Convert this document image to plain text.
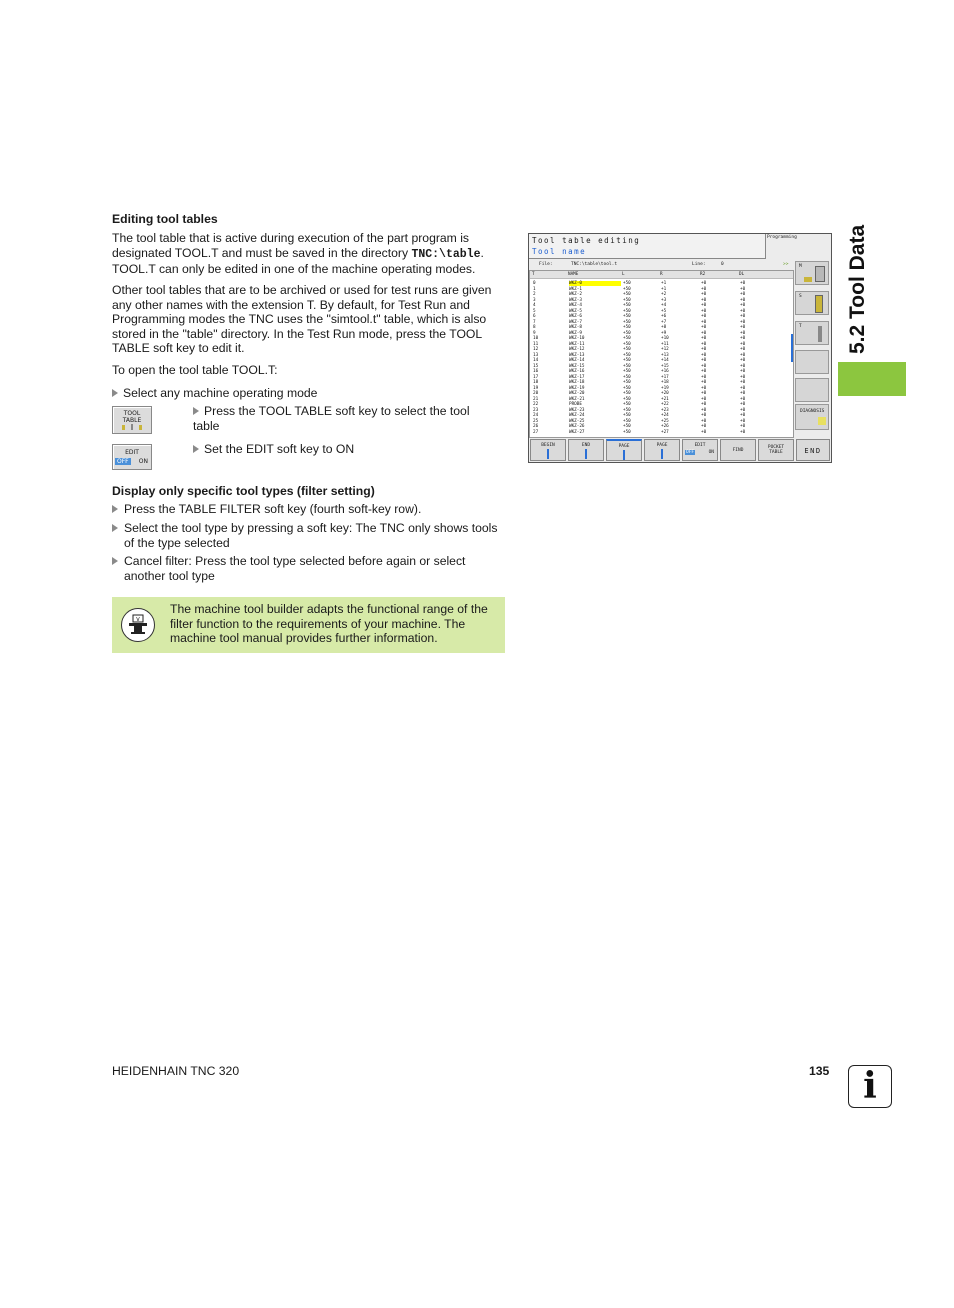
5.2 Tool Data
Editing tool tables

The tool table that is active during execution of the part program is designated TOOL.T and must be saved in the directory TNC:\table. TOOL.T can only be edited in one of the machine operating modes.

Other tool tables that are to be archived or used for test runs are given any other names with the extension T. By default, for Test Run and Programming modes the TNC uses the "simtool.t" table, which is also stored in the "table" directory. In the Test Run mode, press the TOOL TABLE soft key to edit it.

To open the tool table TOOL.T:

Select any machine operating mode
TOOL
TABLE
Press the TOOL TABLE soft key to select the tool table
EDIT
OFF	ON
Set the EDIT soft key to ON
Display only specific tool types (filter setting)
Press the TABLE FILTER soft key (fourth soft-key row).
Select the tool type by pressing a soft key: The TNC only shows tools of the type selected
Cancel filter: Press the tool type selected before again or select another tool type
V

The machine tool builder adapts the functional range of the filter function to the requirements of your machine. The machine tool manual provides further information.

Tool table editing
Tool name
Programming
File:	TNC:\table\tool.t	Line:	0	>>
T	NAME	L	R	R2	DL
0	WKZ-0	+50	+1	+0	+0
1	WKZ-1	+50	+1	+0	+0
2	WKZ-2	+50	+2	+0	+0
3	WKZ-3	+50	+3	+0	+0
4	WKZ-4	+50	+4	+0	+0
5	WKZ-5	+50	+5	+0	+0
6	WKZ-6	+50	+6	+0	+0
7	WKZ-7	+50	+7	+0	+0
8	WKZ-8	+50	+8	+0	+0
9	WKZ-9	+50	+9	+0	+0
10	WKZ-10	+50	+10	+0	+0
11	WKZ-11	+50	+11	+0	+0
12	WKZ-12	+50	+12	+0	+0
13	WKZ-13	+50	+13	+0	+0
14	WKZ-14	+50	+14	+0	+0
15	WKZ-15	+50	+15	+0	+0
16	WKZ-16	+50	+16	+0	+0
17	WKZ-17	+50	+17	+0	+0
18	WKZ-18	+50	+18	+0	+0
19	WKZ-19	+50	+19	+0	+0
20	WKZ-20	+50	+20	+0	+0
21	WKZ-21	+50	+21	+0	+0
22	PROBE	+50	+22	+0	+0
23	WKZ-23	+50	+23	+0	+0
24	WKZ-24	+50	+24	+0	+0
25	WKZ-25	+50	+25	+0	+0
26	WKZ-26	+50	+26	+0	+0
27	WKZ-27	+50	+27	+0	+0
M
S
T
DIAGNOSIS
BEGIN	END	PAGE	PAGE	EDIT
OFF	ON	FIND
POCKET TABLE	END
HEIDENHAIN TNC 320	135 i
